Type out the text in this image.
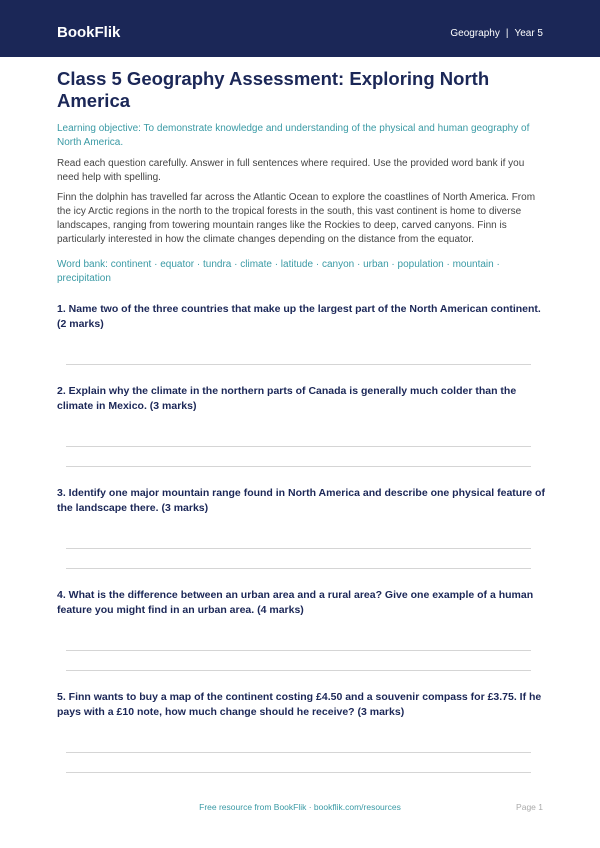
BookFlik	Geography | Year 5
Class 5 Geography Assessment: Exploring North America

Learning objective: To demonstrate knowledge and understanding of the physical and human geography of North America.

Read each question carefully. Answer in full sentences where required. Use the provided word bank if you need help with spelling.

Finn the dolphin has travelled far across the Atlantic Ocean to explore the coastlines of North America. From the icy Arctic regions in the north to the tropical forests in the south, this vast continent is home to diverse landscapes, ranging from towering mountain ranges like the Rockies to deep, carved canyons. Finn is particularly interested in how the climate changes depending on the distance from the equator.

Word bank: continent · equator · tundra · climate · latitude · canyon · urban · population · mountain · precipitation

1. Name two of the three countries that make up the largest part of the North American continent. (2 marks)

2. Explain why the climate in the northern parts of Canada is generally much colder than the climate in Mexico. (3 marks)

3. Identify one major mountain range found in North America and describe one physical feature of the landscape there. (3 marks)

4. What is the difference between an urban area and a rural area? Give one example of a human feature you might find in an urban area. (4 marks)

5. Finn wants to buy a map of the continent costing £4.50 and a souvenir compass for £3.75. If he pays with a £10 note, how much change should he receive? (3 marks)

Free resource from BookFlik · bookflik.com/resources	Page 1
